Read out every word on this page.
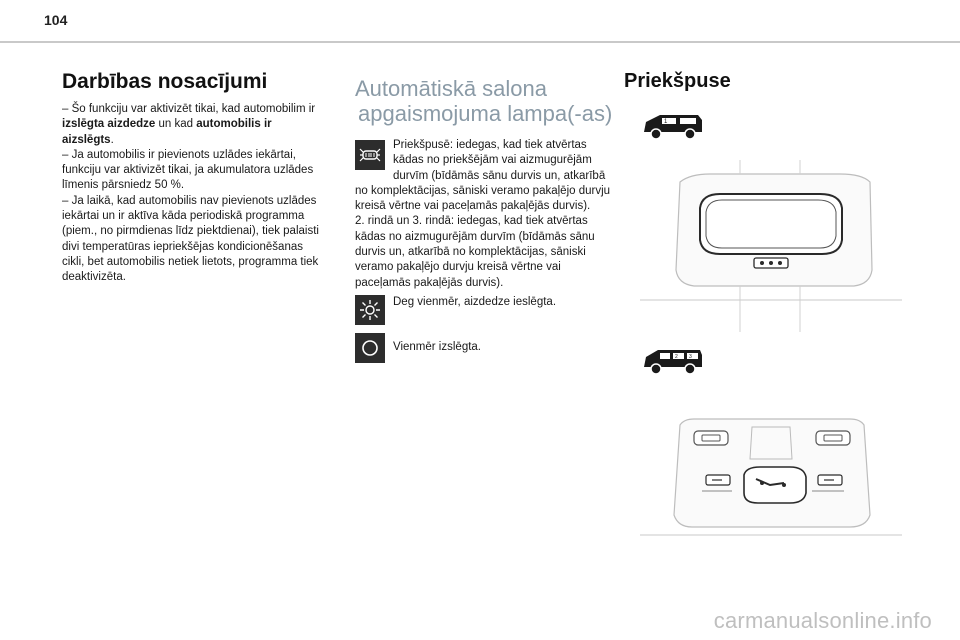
104
Darbības nosacījumi

– Šo funkciju var aktivizēt tikai, kad automobilim ir izslēgta aizdedze un kad automobilis ir aizslēgts.

– Ja automobilis ir pievienots uzlādes iekārtai, funkciju var aktivizēt tikai, ja akumulatora uzlādes līmenis pārsniedz 50 %.

– Ja laikā, kad automobilis nav pievienots uzlādes iekārtai un ir aktīva kāda periodiskā programma (piem., no pirmdienas līdz piektdienai), tiek palaisti divi temperatūras iepriekšējas kondicionēšanas cikli, bet automobilis netiek lietots, programma tiek deaktivizēta.

Automātiskā salona
apgaismojuma lampa(-as)

Priekšpusē: iedegas, kad tiek atvērtas kādas no priekšējām vai aizmugurējām durvīm (bīdāmās sānu durvis un, atkarībā no komplektācijas, sāniski veramo pakaļējo durvju kreisā vērtne vai paceļamās pakaļējās durvis).

2. rindā un 3. rindā: iedegas, kad tiek atvērtas kādas no aizmugurējām durvīm (bīdāmās sānu durvis un, atkarībā no komplektācijas, sāniski veramo pakaļējo durvju kreisā vērtne vai paceļamās pakaļējās durvis).

Deg vienmēr, aizdedze ieslēgta.

Vienmēr izslēgta.

Priekšpuse
1
2 3
carmanualsonline.info
